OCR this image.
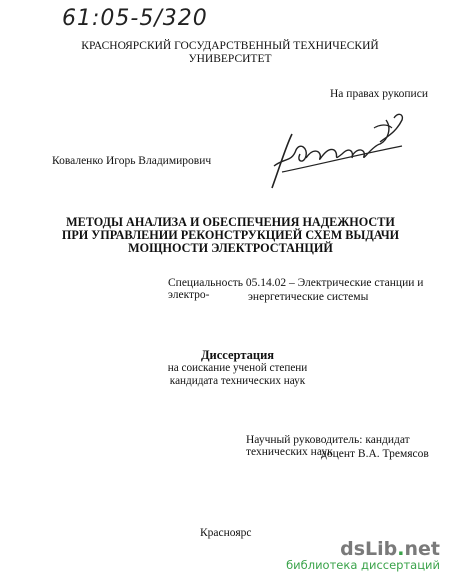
61:05-5/320
КРАСНОЯРСКИЙ ГОСУДАРСТВЕННЫЙ ТЕХНИЧЕСКИЙ
УНИВЕРСИТЕТ
На правах рукописи
Коваленко Игорь Владимирович
МЕТОДЫ АНАЛИЗА И ОБЕСПЕЧЕНИЯ НАДЕЖНОСТИ
ПРИ УПРАВЛЕНИИ РЕКОНСТРУКЦИЕЙ СХЕМ ВЫДАЧИ
МОЩНОСТИ ЭЛЕКТРОСТАНЦИЙ
Специальность 05.14.02 – Электрические станции и электро-	энергетические системы
Диссертация
на соискание ученой степени
кандидата технических наук
Научный руководитель: кандидат технических наук
доцент В.А. Тремясов
Красноярс
dsLib.net
библиотека диссертаций
